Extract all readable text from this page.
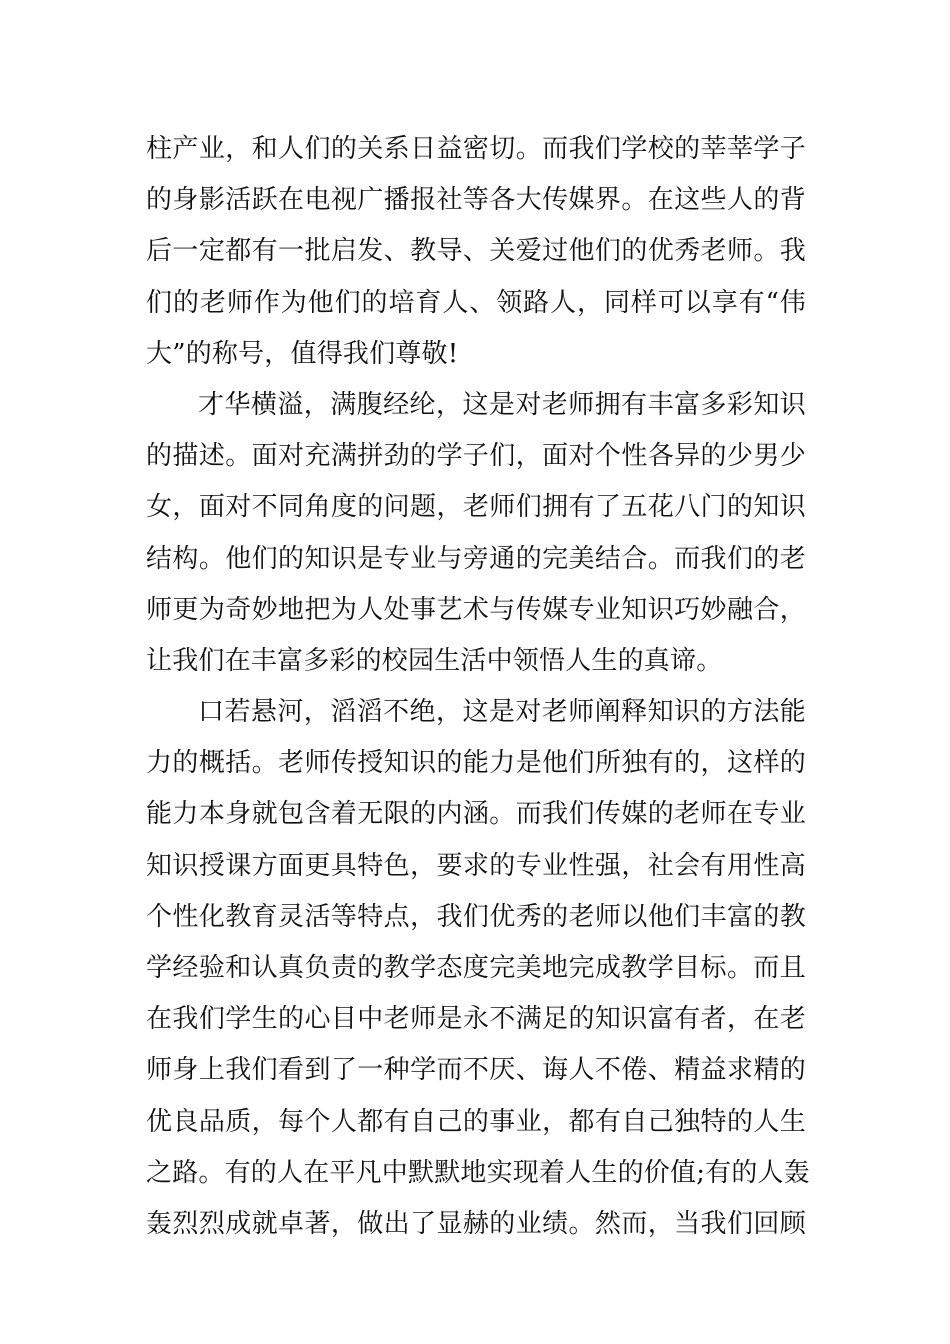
柱产业，和人们的关系日益密切。而我们学校的莘莘学子
的身影活跃在电视广播报社等各大传媒界。在这些人的背
后一定都有一批启发、教导、关爱过他们的优秀老师。我
们的老师作为他们的培育人、领路人，同样可以享有“伟
大”的称号，值得我们尊敬!
才华横溢，满腹经纶，这是对老师拥有丰富多彩知识
的描述。面对充满拼劲的学子们，面对个性各异的少男少
女，面对不同角度的问题，老师们拥有了五花八门的知识
结构。他们的知识是专业与旁通的完美结合。而我们的老
师更为奇妙地把为人处事艺术与传媒专业知识巧妙融合，
让我们在丰富多彩的校园生活中领悟人生的真谛。
口若悬河，滔滔不绝，这是对老师阐释知识的方法能
力的概括。老师传授知识的能力是他们所独有的，这样的
能力本身就包含着无限的内涵。而我们传媒的老师在专业
知识授课方面更具特色，要求的专业性强，社会有用性高
个性化教育灵活等特点，我们优秀的老师以他们丰富的教
学经验和认真负责的教学态度完美地完成教学目标。而且
在我们学生的心目中老师是永不满足的知识富有者，在老
师身上我们看到了一种学而不厌、诲人不倦、精益求精的
优良品质，每个人都有自己的事业，都有自己独特的人生
之路。有的人在平凡中默默地实现着人生的价值;有的人轰
轰烈烈成就卓著，做出了显赫的业绩。然而，当我们回顾
